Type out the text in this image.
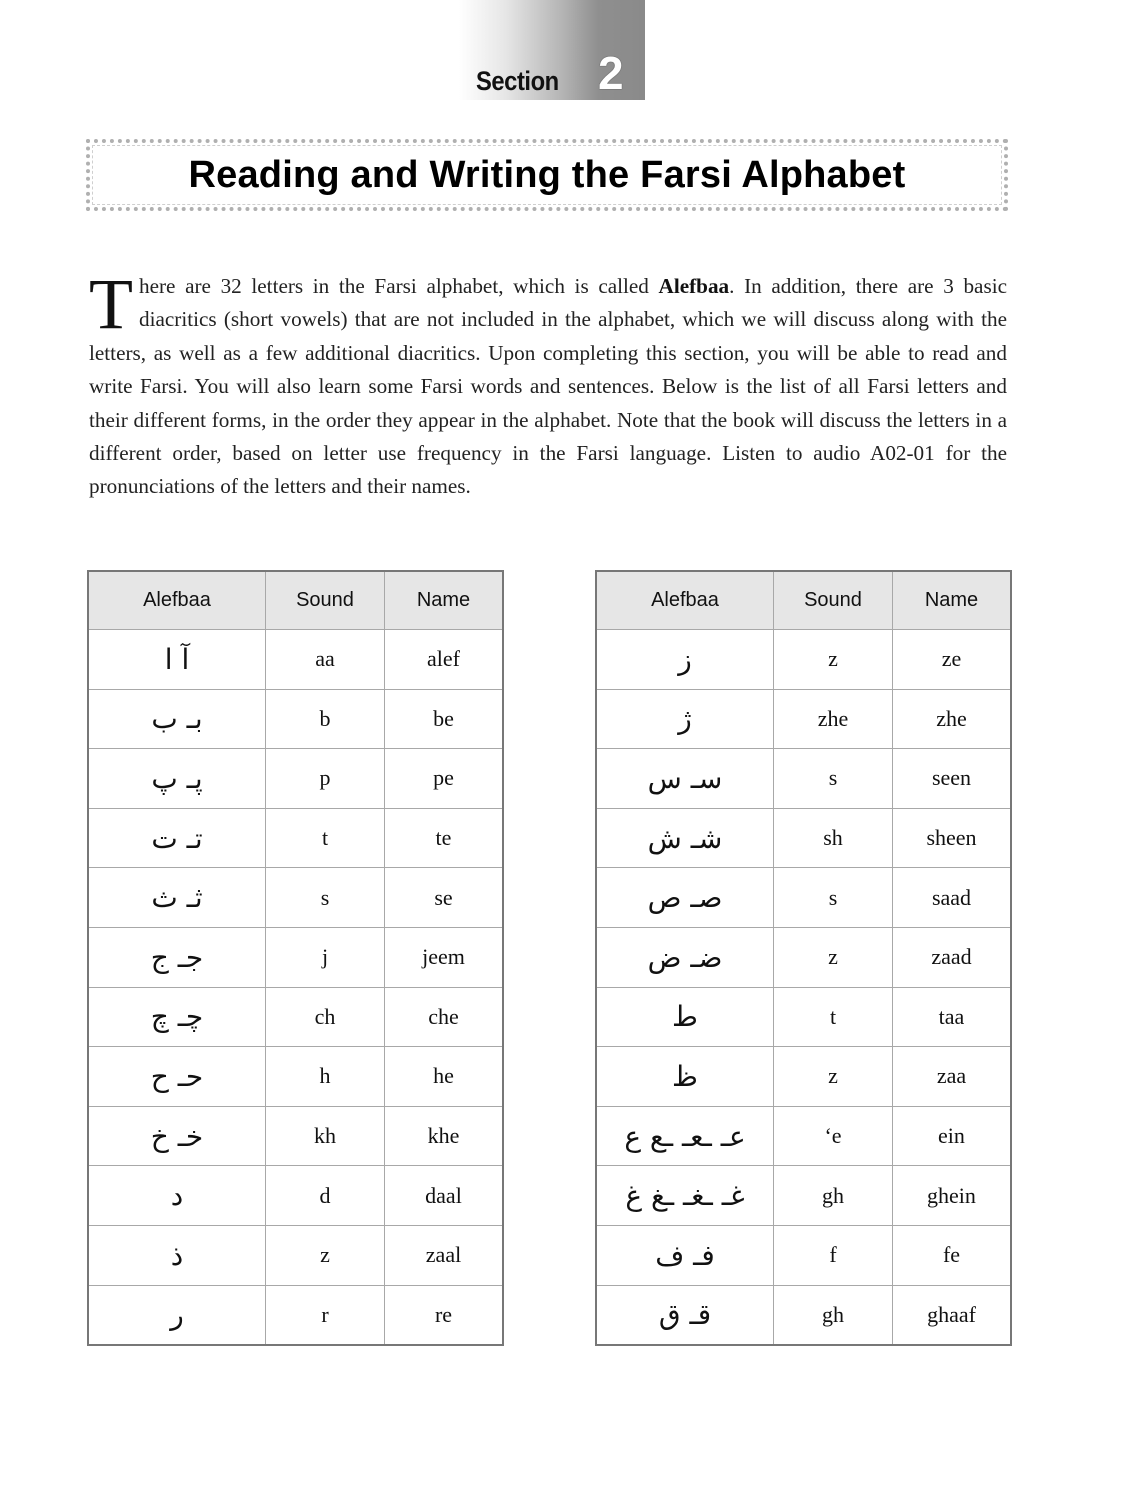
Section 2
Reading and Writing the Farsi Alphabet
There are 32 letters in the Farsi alphabet, which is called Alefbaa. In addition, there are 3 basic diacritics (short vowels) that are not included in the alphabet, which we will discuss along with the letters, as well as a few additional diacritics. Upon completing this section, you will be able to read and write Farsi. You will also learn some Farsi words and sentences. Below is the list of all Farsi letters and their different forms, in the order they appear in the alphabet. Note that the book will discuss the letters in a different order, based on letter use frequency in the Farsi language. Listen to audio A02-01 for the pronunciations of the letters and their names.
Alefbaa	Sound	Name
آ ا	aa	alef
بـ ب	b	be
پـ پ	p	pe
تـ ت	t	te
ثـ ث	s	se
جـ ج	j	jeem
چـ چ	ch	che
حـ ح	h	he
خـ خ	kh	khe
د	d	daal
ذ	z	zaal
ر	r	re
Alefbaa	Sound	Name
ز	z	ze
ژ	zhe	zhe
سـ س	s	seen
شـ ش	sh	sheen
صـ ص	s	saad
ضـ ض	z	zaad
ط	t	taa
ظ	z	zaa
عـ ـعـ ـع ع	‘e	ein
غـ ـغـ ـغ غ	gh	ghein
فـ ف	f	fe
قـ ق	gh	ghaaf
